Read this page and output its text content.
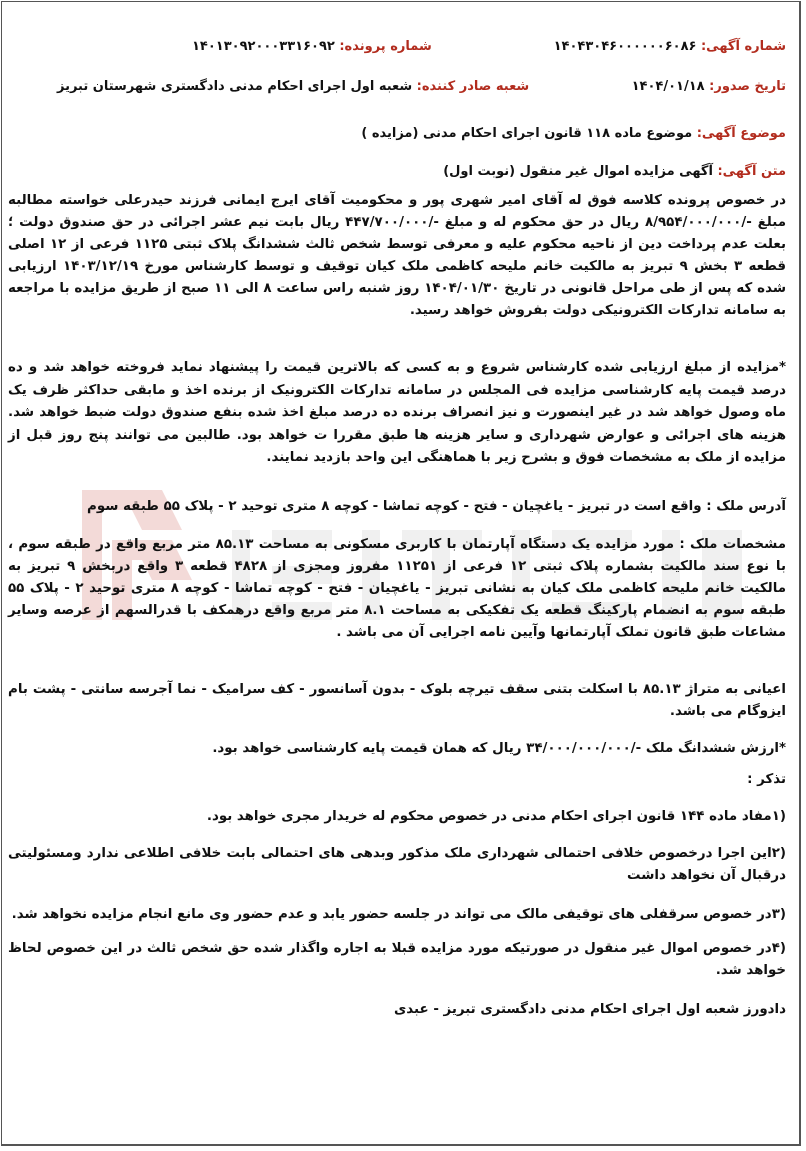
شماره آگهی: ۱۴۰۴۳۰۴۶۰۰۰۰۰۰۶۰۸۶
شماره پرونده: ۱۴۰۱۳۰۹۲۰۰۰۳۳۱۶۰۹۲
تاریخ صدور: ۱۴۰۴/۰۱/۱۸
شعبه صادر کننده: شعبه اول اجرای احکام مدنی دادگستری شهرستان تبریز
موضوع آگهی: موضوع ماده ۱۱۸ قانون اجرای احکام مدنی (مزایده )
متن آگهی: آگهی مزایده اموال غیر منقول (نوبت اول)

در خصوص پرونده کلاسه فوق له آقای امیر شهری پور و محکومیت آقای ایرج ایمانی فرزند حیدرعلی خواسته مطالبه مبلغ -/۸/۹۵۴/۰۰۰/۰۰۰ ریال در حق محکوم له و مبلغ -/۴۴۷/۷۰۰/۰۰۰ ریال بابت نیم عشر اجرائی در حق صندوق دولت ؛ بعلت عدم پرداخت دین از ناحیه محکوم علیه و معرفی توسط شخص ثالث ششدانگ پلاک ثبتی ۱۱۲۵ فرعی از ۱۲ اصلی قطعه ۳ بخش ۹ تبریز به مالکیت خانم ملیحه کاظمی ملک کیان توقیف و توسط کارشناس مورخ ۱۴۰۳/۱۲/۱۹ ارزیابی شده که پس از طی مراحل قانونی در تاریخ ۱۴۰۴/۰۱/۳۰ روز شنبه راس ساعت ۸ الی ۱۱ صبح از طریق مزایده با مراجعه به سامانه تدارکات الکترونیکی دولت بفروش خواهد رسید.

*مزایده از مبلغ ارزیابی شده کارشناس شروع و به کسی که بالاترین قیمت را پیشنهاد نماید فروخته خواهد شد و ده درصد قیمت پایه کارشناسی مزایده فی المجلس در سامانه تدارکات الکترونیک از برنده اخذ و مابقی حداکثر ظرف یک ماه وصول خواهد شد در غیر اینصورت و نیز انصراف برنده ده درصد مبلغ اخذ شده بنفع صندوق دولت ضبط خواهد شد. هزینه های اجرائی و عوارض شهرداری و سایر هزینه ها طبق مقررا ت خواهد بود. طالبین می توانند پنج روز قبل از مزایده از ملک به مشخصات فوق و بشرح زیر با هماهنگی این واحد بازدید نمایند.

آدرس ملک : واقع است در تبریز - یاغچیان - فتح - کوچه تماشا - کوچه ۸ متری توحید ۲ - پلاک ۵۵ طبقه سوم

مشخصات ملک : مورد مزایده یک دستگاه آپارتمان با کاربری مسکونی به مساحت ۸۵.۱۳ متر مربع واقع در طبقه سوم ، با نوع سند مالکیت بشماره پلاک ثبتی ۱۲ فرعی از ۱۱۲۵۱ مفروز ومجزی از ۴۸۲۸ قطعه ۳ واقع دربخش ۹ تبریز به مالکیت خانم ملیحه کاظمی ملک کیان به نشانی تبریز - یاغچیان - فتح - کوچه تماشا - کوچه ۸ متری توحید ۲ - پلاک ۵۵ طبقه سوم به انضمام پارکینگ قطعه یک تفکیکی به مساحت ۸.۱ متر مربع واقع درهمکف با قدرالسهم از عرصه وسایر مشاعات طبق قانون تملک آپارتمانها وآیین نامه اجرایی آن می باشد .

اعیانی به متراژ ۸۵.۱۳ با اسکلت بتنی سقف تیرچه بلوک - بدون آسانسور - کف سرامیک - نما آجرسه سانتی - پشت بام ایزوگام می باشد.

*ارزش ششدانگ ملک -/۳۴/۰۰۰/۰۰۰/۰۰۰ ریال که همان قیمت پایه کارشناسی خواهد بود.

تذکر :

(۱مفاد ماده ۱۴۴ قانون اجرای احکام مدنی در خصوص محکوم له خریدار مجری خواهد بود.

(۲این اجرا درخصوص خلافی احتمالی شهرداری ملک مذکور وبدهی های احتمالی بابت خلافی اطلاعی ندارد ومسئولیتی درقبال آن نخواهد داشت

(۳در خصوص سرقفلی های توقیفی مالک می تواند در جلسه حضور یابد و عدم حضور وی مانع انجام مزایده نخواهد شد.

(۴در خصوص اموال غیر منقول در صورتیکه مورد مزایده قبلا به اجاره واگذار شده حق شخص ثالث در این خصوص لحاظ خواهد شد.

دادورز شعبه اول اجرای احکام مدنی دادگستری تبریز - عبدی
